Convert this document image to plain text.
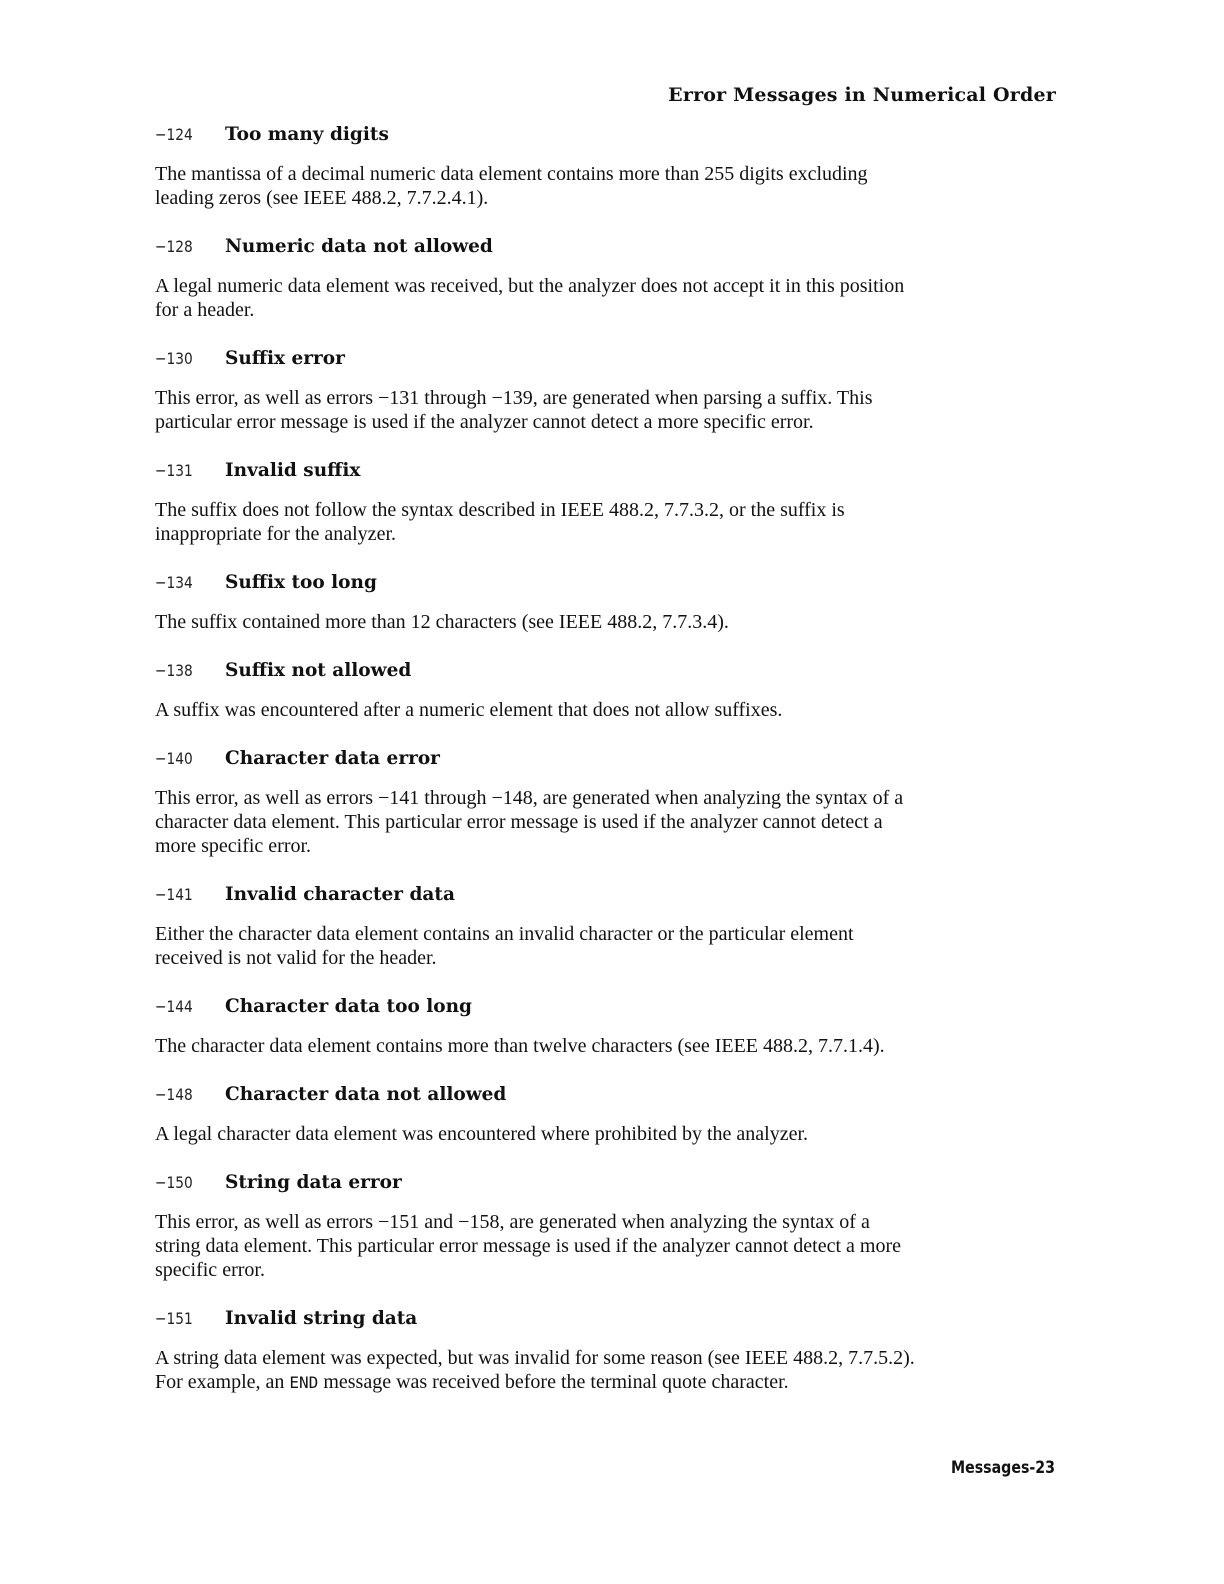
Error Messages in Numerical Order
−124	Too many digits

The mantissa of a decimal numeric data element contains more than 255 digits excluding
leading zeros (see IEEE 488.2, 7.7.2.4.1).

−128	Numeric data not allowed

A legal numeric data element was received, but the analyzer does not accept it in this position
for a header.

−130	Suffix error

This error, as well as errors −131 through −139, are generated when parsing a suffix. This
particular error message is used if the analyzer cannot detect a more specific error.

−131	Invalid suffix

The suffix does not follow the syntax described in IEEE 488.2, 7.7.3.2, or the suffix is
inappropriate for the analyzer.

−134	Suffix too long

The suffix contained more than 12 characters (see IEEE 488.2, 7.7.3.4).

−138	Suffix not allowed

A suffix was encountered after a numeric element that does not allow suffixes.

−140	Character data error

This error, as well as errors −141 through −148, are generated when analyzing the syntax of a
character data element. This particular error message is used if the analyzer cannot detect a
more specific error.

−141	Invalid character data

Either the character data element contains an invalid character or the particular element
received is not valid for the header.

−144	Character data too long

The character data element contains more than twelve characters (see IEEE 488.2, 7.7.1.4).

−148	Character data not allowed

A legal character data element was encountered where prohibited by the analyzer.

−150	String data error

This error, as well as errors −151 and −158, are generated when analyzing the syntax of a
string data element. This particular error message is used if the analyzer cannot detect a more
specific error.

−151	Invalid string data

A string data element was expected, but was invalid for some reason (see IEEE 488.2, 7.7.5.2).
For example, an END message was received before the terminal quote character.

Messages-23
